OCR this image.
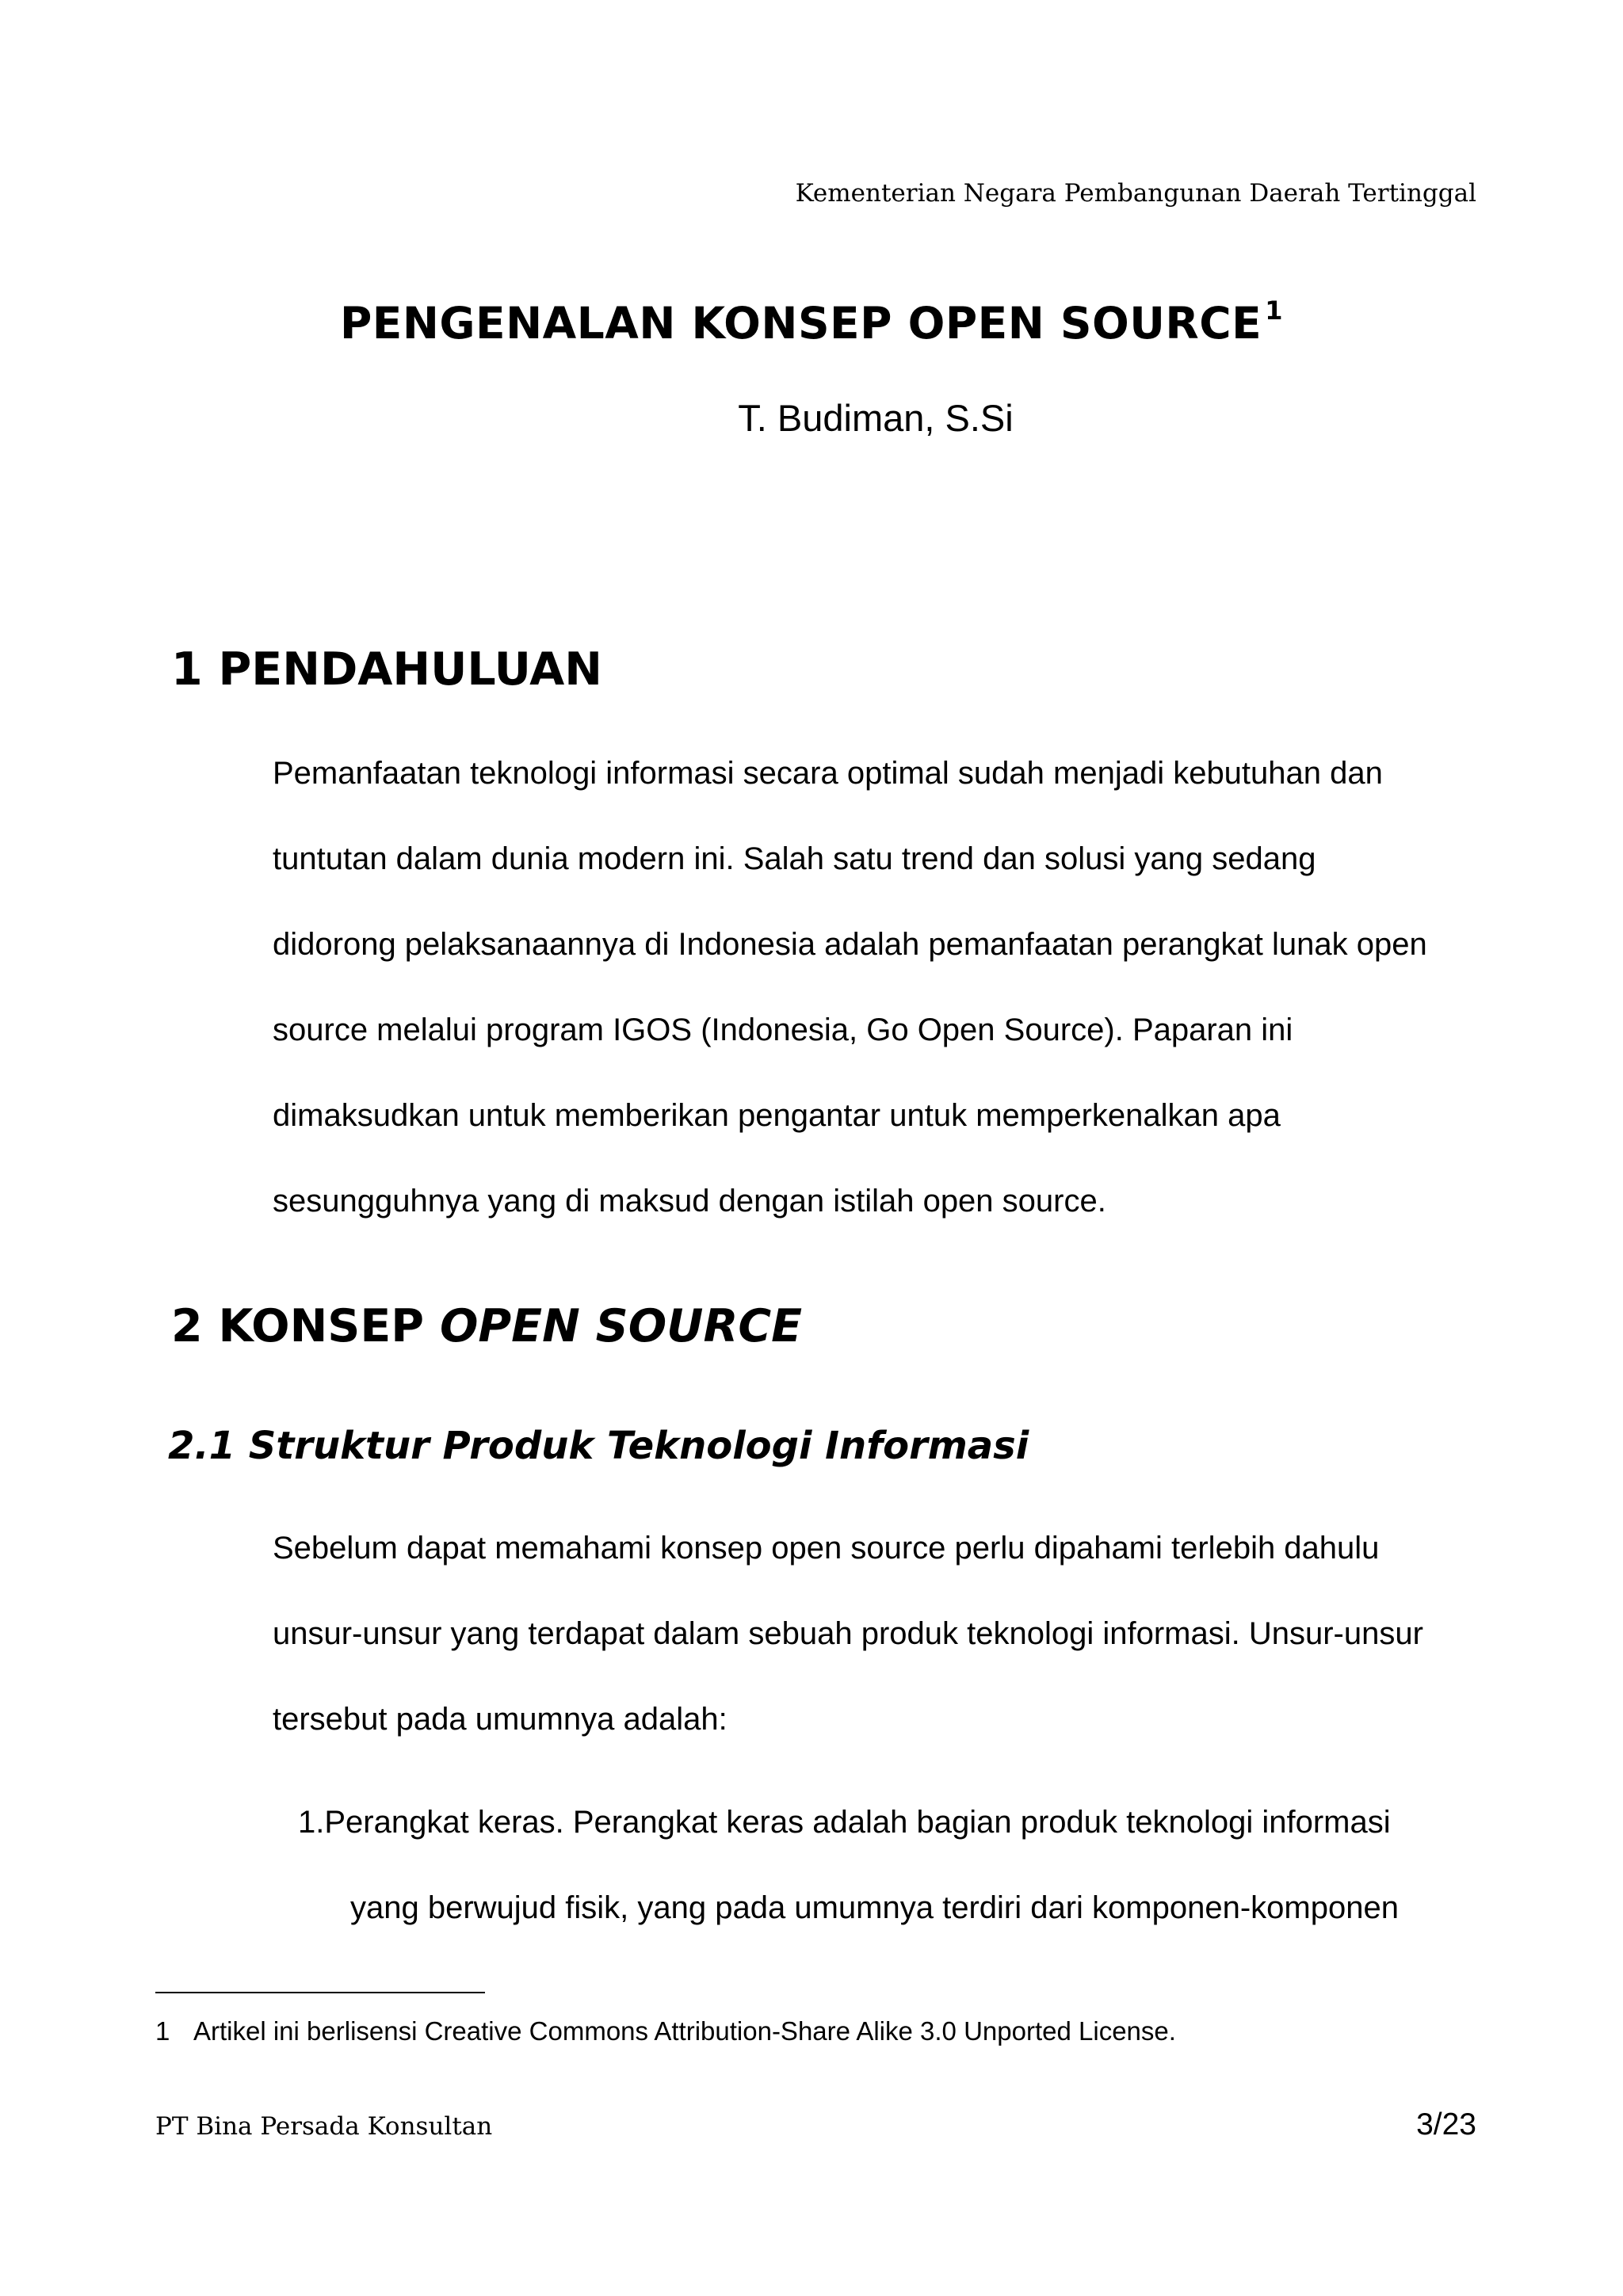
Kementerian Negara Pembangunan Daerah Tertinggal
PENGENALAN KONSEP OPEN SOURCE $^1$
T. Budiman, S.Si
1 PENDAHULUAN
Pemanfaatan teknologi informasi secara optimal sudah menjadi kebutuhan dan
tuntutan dalam dunia modern ini. Salah satu trend dan solusi yang sedang
didorong pelaksanaannya di Indonesia adalah pemanfaatan perangkat lunak open
source melalui program IGOS (Indonesia, Go Open Source). Paparan ini
dimaksudkan untuk memberikan pengantar untuk memperkenalkan apa
sesungguhnya yang di maksud dengan istilah open source.
2 KONSEP OPEN SOURCE
2.1 Struktur Produk Teknologi Informasi
Sebelum dapat memahami konsep open source perlu dipahami terlebih dahulu
unsur-unsur yang terdapat dalam sebuah produk teknologi informasi. Unsur-unsur
tersebut pada umumnya adalah:
1.Perangkat keras. Perangkat keras adalah bagian produk teknologi informasi
yang berwujud fisik, yang pada umumnya terdiri dari komponen-komponen
1 Artikel ini berlisensi Creative Commons Attribution-Share Alike 3.0 Unported License.
PT Bina Persada Konsultan	3/23
